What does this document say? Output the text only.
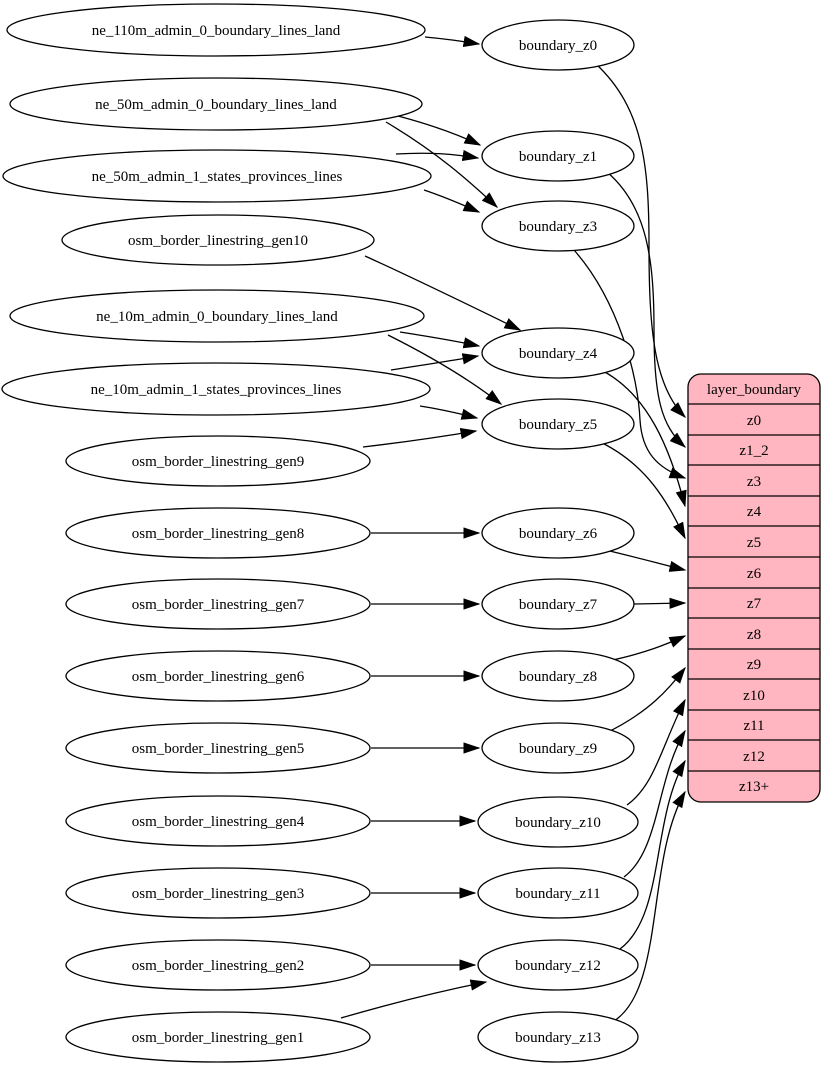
ne_110m_admin_0_boundary_lines_land
ne_50m_admin_0_boundary_lines_land
ne_50m_admin_1_states_provinces_lines
osm_border_linestring_gen10
ne_10m_admin_0_boundary_lines_land
ne_10m_admin_1_states_provinces_lines
osm_border_linestring_gen9
osm_border_linestring_gen8
osm_border_linestring_gen7
osm_border_linestring_gen6
osm_border_linestring_gen5
osm_border_linestring_gen4
osm_border_linestring_gen3
osm_border_linestring_gen2
osm_border_linestring_gen1
boundary_z0
boundary_z1
boundary_z3
boundary_z4
boundary_z5
boundary_z6
boundary_z7
boundary_z8
boundary_z9
boundary_z10
boundary_z11
boundary_z12
boundary_z13
layer_boundary
z0
z1_2
z3
z4
z5
z6
z7
z8
z9
z10
z11
z12
z13+
